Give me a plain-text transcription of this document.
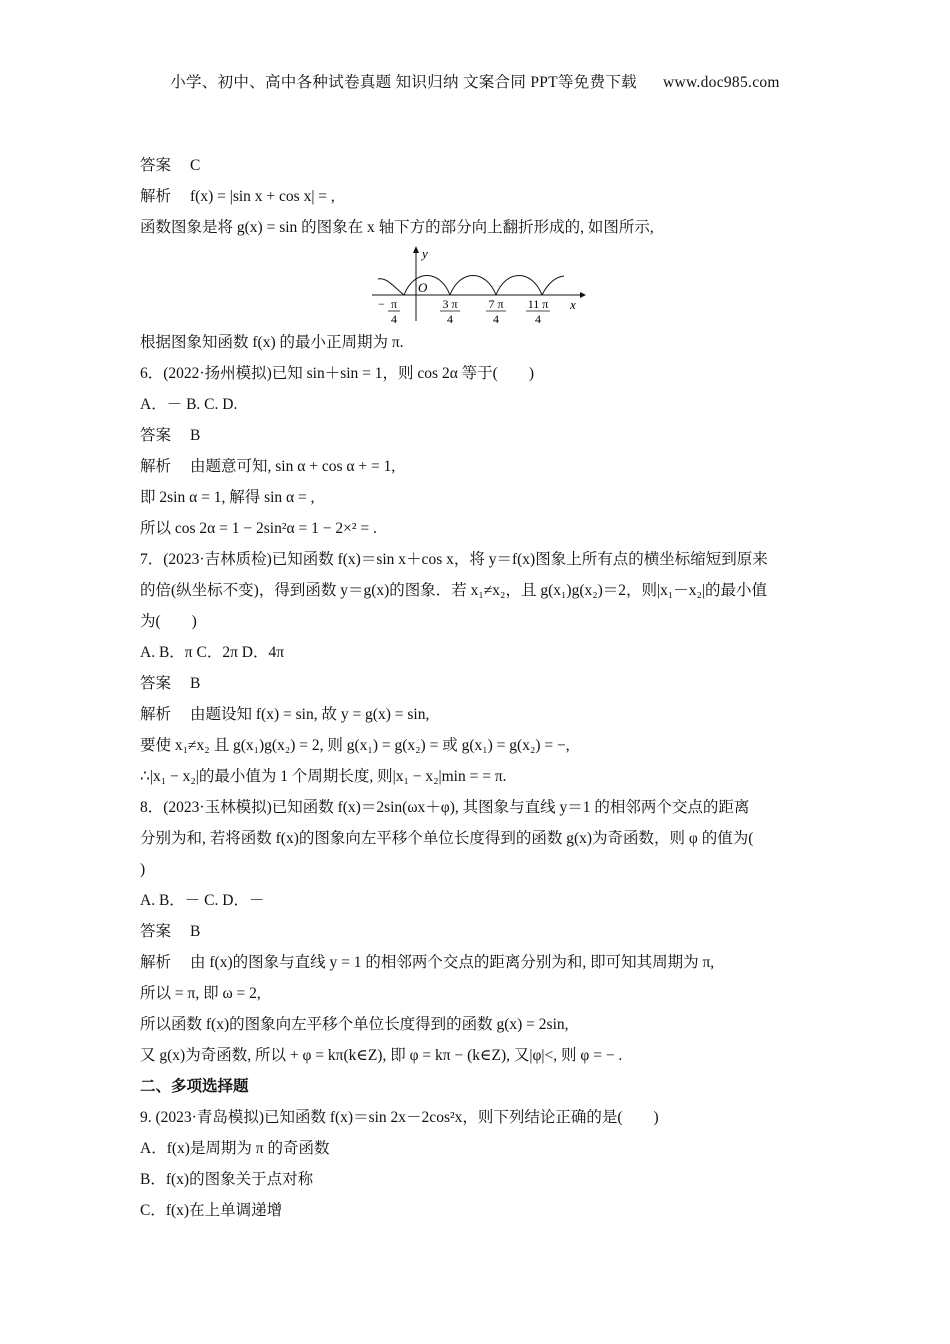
小学、初中、高中各种试卷真题 知识归纳 文案合同 PPT等免费下载 www.doc985.com
答案 C
解析 f(x) = |sin x + cos x| = ,
函数图象是将 g(x) = sin 的图象在 x 轴下方的部分向上翻折形成的, 如图所示,
y
x
O
− π
4
3 π
4
7 π
4
11 π
4
根据图象知函数 f(x) 的最小正周期为 π.
6．(2022·扬州模拟)已知 sin＋sin = 1，则 cos 2α 等于(　　)
A．－ B. C. D.
答案 B
解析 由题意可知, sin α + cos α + = 1,
即 2sin α = 1, 解得 sin α = ,
所以 cos 2α = 1 − 2sin²α = 1 − 2×² = .
7．(2023·吉林质检)已知函数 f(x)＝sin x＋cos x，将 y＝f(x)图象上所有点的横坐标缩短到原来
的倍(纵坐标不变)，得到函数 y＝g(x)的图象．若 x₁≠x₂，且 g(x₁)g(x₂)＝2，则|x₁－x₂|的最小值
为(　　)
A. B．π C．2π D．4π
答案 B
解析 由题设知 f(x) = sin, 故 y = g(x) = sin,
要使 x₁≠x₂ 且 g(x₁)g(x₂) = 2, 则 g(x₁) = g(x₂) = 或 g(x₁) = g(x₂) = −,
∴|x₁ − x₂|的最小值为 1 个周期长度, 则|x₁ − x₂|min = = π.
8．(2023·玉林模拟)已知函数 f(x)＝2sin(ωx＋φ), 其图象与直线 y＝1 的相邻两个交点的距离
分别为和, 若将函数 f(x)的图象向左平移个单位长度得到的函数 g(x)为奇函数，则 φ 的值为(
)
A. B．－ C. D．－
答案 B
解析 由 f(x)的图象与直线 y = 1 的相邻两个交点的距离分别为和, 即可知其周期为 π,
所以 = π, 即 ω = 2,
所以函数 f(x)的图象向左平移个单位长度得到的函数 g(x) = 2sin,
又 g(x)为奇函数, 所以 + φ = kπ(k∈Z), 即 φ = kπ − (k∈Z), 又|φ|<, 则 φ = − .
二、多项选择题
9. (2023·青岛模拟)已知函数 f(x)＝sin 2x－2cos²x，则下列结论正确的是(　　)
A．f(x)是周期为 π 的奇函数
B．f(x)的图象关于点对称
C．f(x)在上单调递增
